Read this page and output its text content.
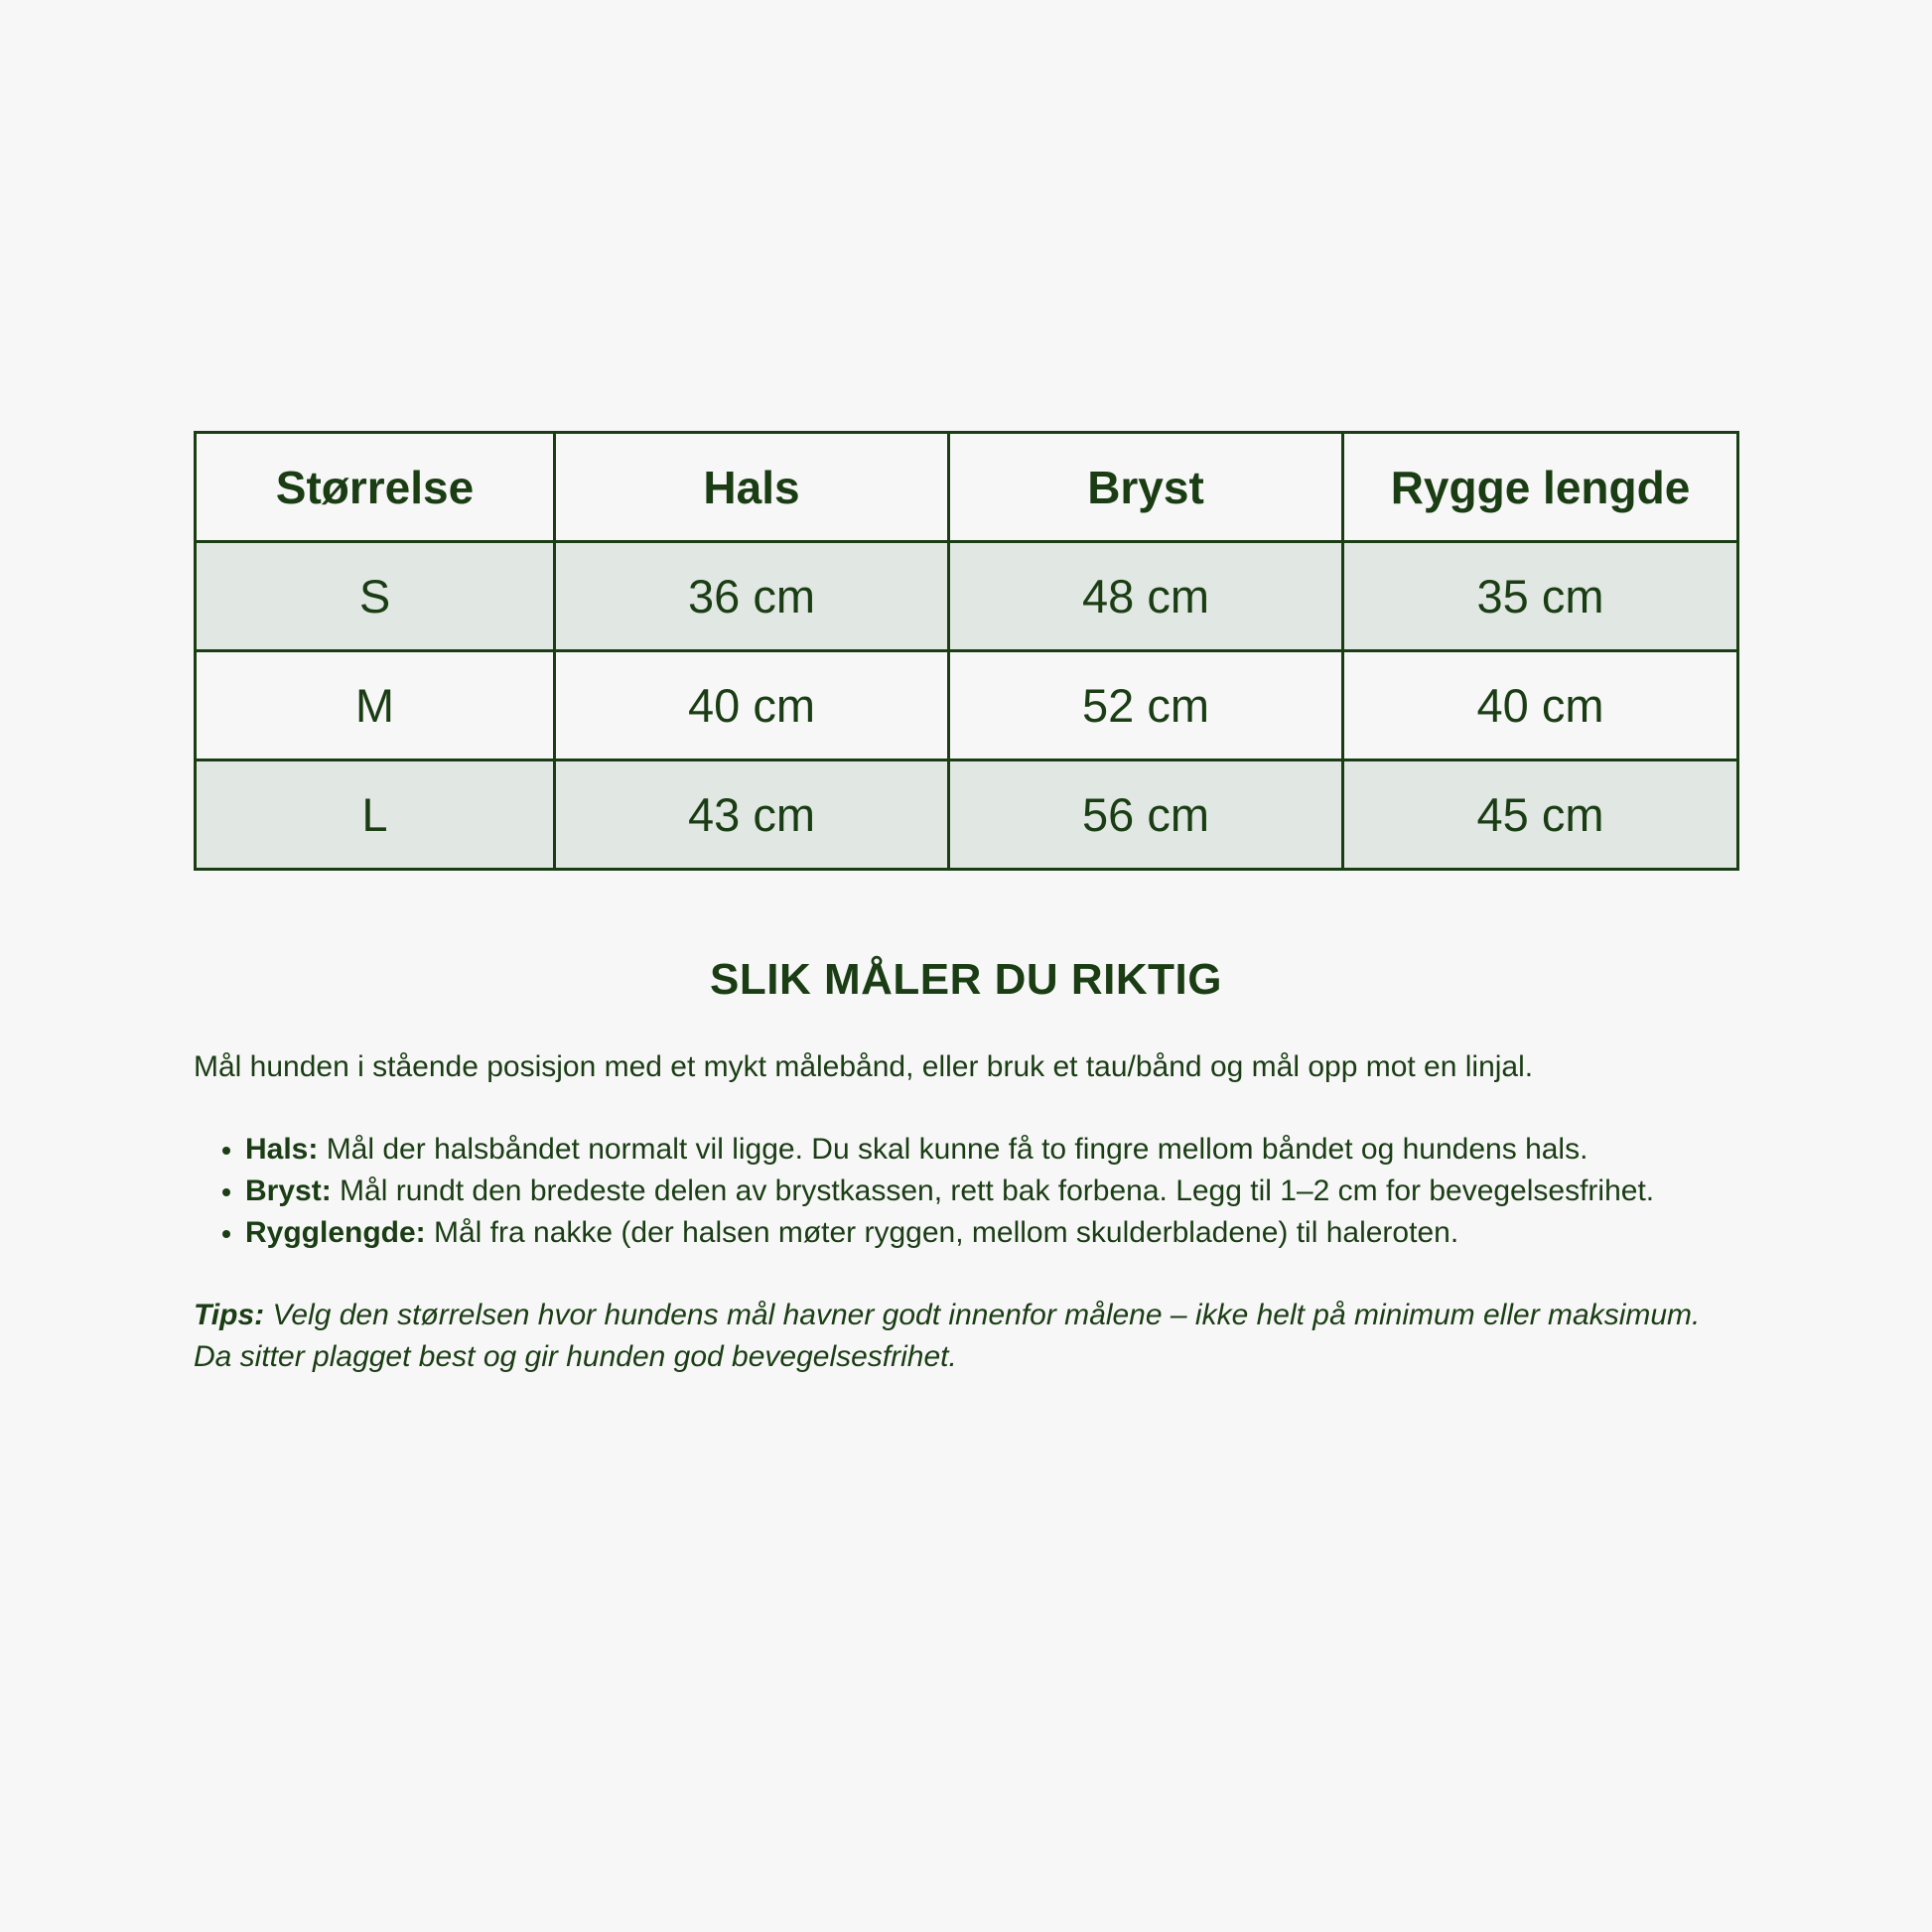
Størrelse	Hals	Bryst	Rygge lengde
S	36 cm	48 cm	35 cm
M	40 cm	52 cm	40 cm
L	43 cm	56 cm	45 cm
SLIK MÅLER DU RIKTIG

Mål hunden i stående posisjon med et mykt målebånd, eller bruk et tau/bånd og mål opp mot en linjal.

• Hals: Mål der halsbåndet normalt vil ligge. Du skal kunne få to fingre mellom båndet og hundens hals.
• Bryst: Mål rundt den bredeste delen av brystkassen, rett bak forbena. Legg til 1–2 cm for bevegelsesfrihet.
• Rygglengde: Mål fra nakke (der halsen møter ryggen, mellom skulderbladene) til haleroten.

Tips: Velg den størrelsen hvor hundens mål havner godt innenfor målene – ikke helt på minimum eller maksimum. Da sitter plagget best og gir hunden god bevegelsesfrihet.
